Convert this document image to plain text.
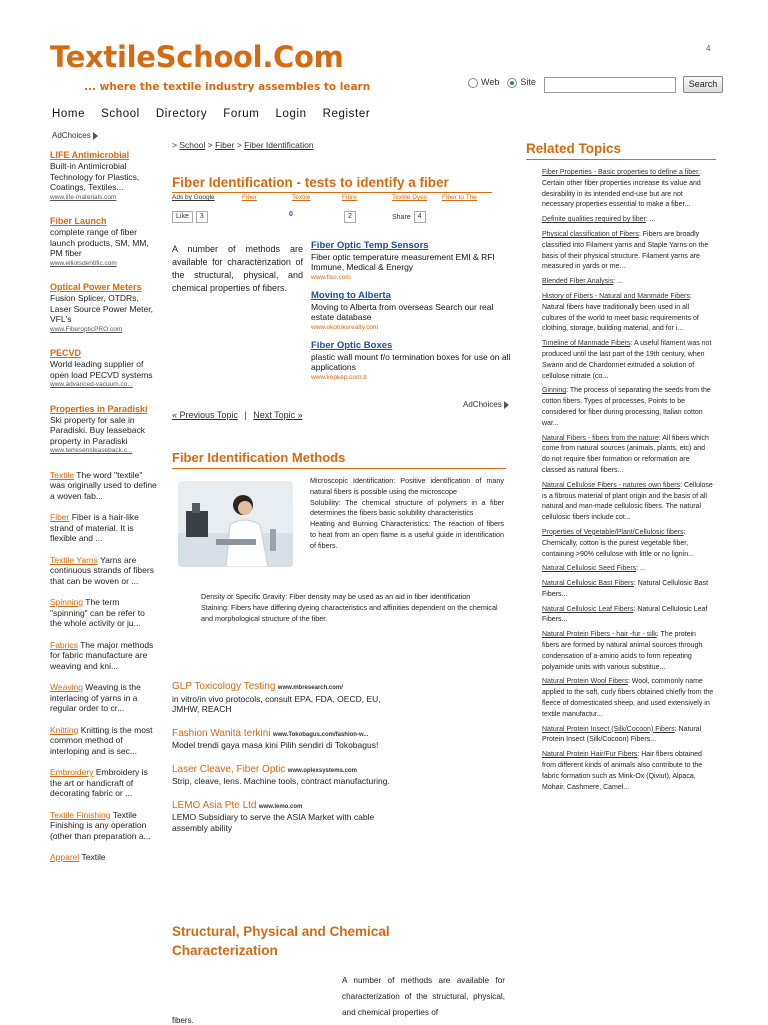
TextileSchool.Com
... where the textile industry assembles to learn
4
Web Site	Search
Home School Directory Forum Login Register
AdChoices
LIFE Antimicrobial
Built-in Antimicrobial Technology for Plastics, Coatings, Textiles...
www.life-materials.com
Fiber Launch
complete range of fiber launch products, SM, MM, PM fiber
www.elliotsdentific.com
Optical Power Meters
Fusion Splicer, OTDRs, Laser Source Power Meter, VFL's
www.FiberopticPRO.com
PECVD
World leading supplier of open load PECVD systems
www.advanced-vacuum.co...
Properties in Paradiski
Ski property for sale in Paradiski. Buy leaseback property in Paradiski
www.terresensleaseback.c...
Textile The word "textile" was originally used to define a woven fab...
Fiber Fiber is a hair-like strand of material. It is flexible and ...
Textile Yarns Yarns are continuous strands of fibers that can be woven or ...
Spinning The term "spinning" can be refer to the whole activity or ju...
Fabrics The major methods for fabric manufacture are weaving and kni...
Weaving Weaving is the interlacing of yarns in a regular order to cr...
Knitting Knitting is the most common method of interloping and is sec...
Embroidery Embroidery is the art or handicraft of decorating fabric or ...
Textile Finishing Textile Finishing is any operation (other than preparation a...
Apparel Textile
> School > Fiber > Fiber Identification
Fiber Identification - tests to identify a fiber
Ads by Google	Fiber	Textile	Fibre	Textile Dyes	Fiber to The
Like	3	0	2	Share	4
A number of methods are available for characterization of the structural, physical, and chemical properties of fibers.
Fiber Optic Temp Sensors
Fiber optic temperature measurement EMI & RFI Immune, Medical & Energy
www.fiso.com
Moving to Alberta
Moving to Alberta from overseas Search our real estate database
www.okotoksrealty.com
Fiber Optic Boxes
plastic wall mount f/o termination boxes for use on all applications
www.kepkep.com.tr
AdChoices
« Previous Topic | Next Topic »
Fiber Identification Methods
Microscopic Identification: Positive identification of many natural fibers is possible using the microscope
Solubility: The chemical structure of polymers in a fiber determines the fibers basic solubility characteristics
Heating and Burning Characteristics: The reaction of fibers to heat from an open flame is a useful guide in identification of fibers.
Density or Specific Gravity: Fiber density may be used as an aid in fiber identification
Staining: Fibers have differing dyeing characteristics and affinities dependent on the chemical and morphological structure of the fiber.
GLP Toxicology Testing www.mbresearch.com/
in vitro/in vivo protocols, consult EPA, FDA, OECD, EU, JMHW, REACH
Fashion Wanita terkini www.Tokobagus.com/fashion-w...
Model trendi gaya masa kini Pilih sendiri di Tokobagus!
Laser Cleave, Fiber Optic www.oplexsystems.com
Strip, cleave, lens. Machine tools, contract manufacturing.
LEMO Asia Pte Ltd www.lemo.com
LEMO Subsidiary to serve the ASIA Market with cable assembly ability
Structural, Physical and Chemical Characterization
A number of methods are available for characterization of the structural, physical, and chemical properties of
fibers.
Related Topics
Fiber Properties - Basic properties to define a fiber.: Certain other fiber properties increase its value and desirability in its intended end-use but are not necessary properties essential to make a fiber...
Definite qualities required by fiber: ...
Physical classification of Fibers: Fibers are broadly classified into Filament yarns and Staple Yarns on the basis of their physical structure. Filament yarns are measured in yards or me...
Blended Fiber Analysis: ...
History of Fibers - Natural and Manmade Fibers: Natural fibers have traditionally been used in all cultures of the world to meet basic requirements of clothing, storage, building material, and for i...
Timeline of Manmade Fibers: A useful filament was not produced until the last part of the 19th century, when Swann and de Chardonnet extruded a solution of cellulose nitrate (co...
Ginning: The process of separating the seeds from the cotton fibers. Types of processes, Points to be considered for fiber during processing, Italian cotton war...
Natural Fibers - fibers from the nature: All fibers which come from natural sources (animals, plants, etc) and do not require fiber formation or reformation are classed as natural fibers...
Natural Cellulose Fibers - natures own fibers: Cellulose is a fibrous material of plant origin and the basis of all natural and man-made cellulosic fibers. The natural cellulosic fibers include cot...
Properties of Vegetable/Plant/Cellulosic fibers: Chemically, cotton is the purest vegetable fiber, containing >90% cellulose with little or no lignin...
Natural Cellulosic Seed Fibers: ...
Natural Cellulosic Bast Fibers: Natural Cellulosic Bast Fibers...
Natural Cellulosic Leaf Fibers: Natural Cellulosic Leaf Fibers...
Natural Protein Fibers - hair -fur - silk: The protein fibers are formed by natural animal sources through condensation of a-amino acids to form repeating polyamide units with various substitue...
Natural Protein Wool Fibers: Wool, commonly name applied to the soft, curly fibers obtained chiefly from the fleece of domesticated sheep, and used extensively in textile manufactur...
Natural Protein Insect (Silk/Cocoon) Fibers: Natural Protein Insect (Silk/Cocoon) Fibers...
Natural Protein Hair/Fur Fibers: Hair fibers obtained from different kinds of animals also contribute to the fabric formation such as Mink-Ox (Qiviut), Alpaca, Mohair, Cashmere, Camel...
